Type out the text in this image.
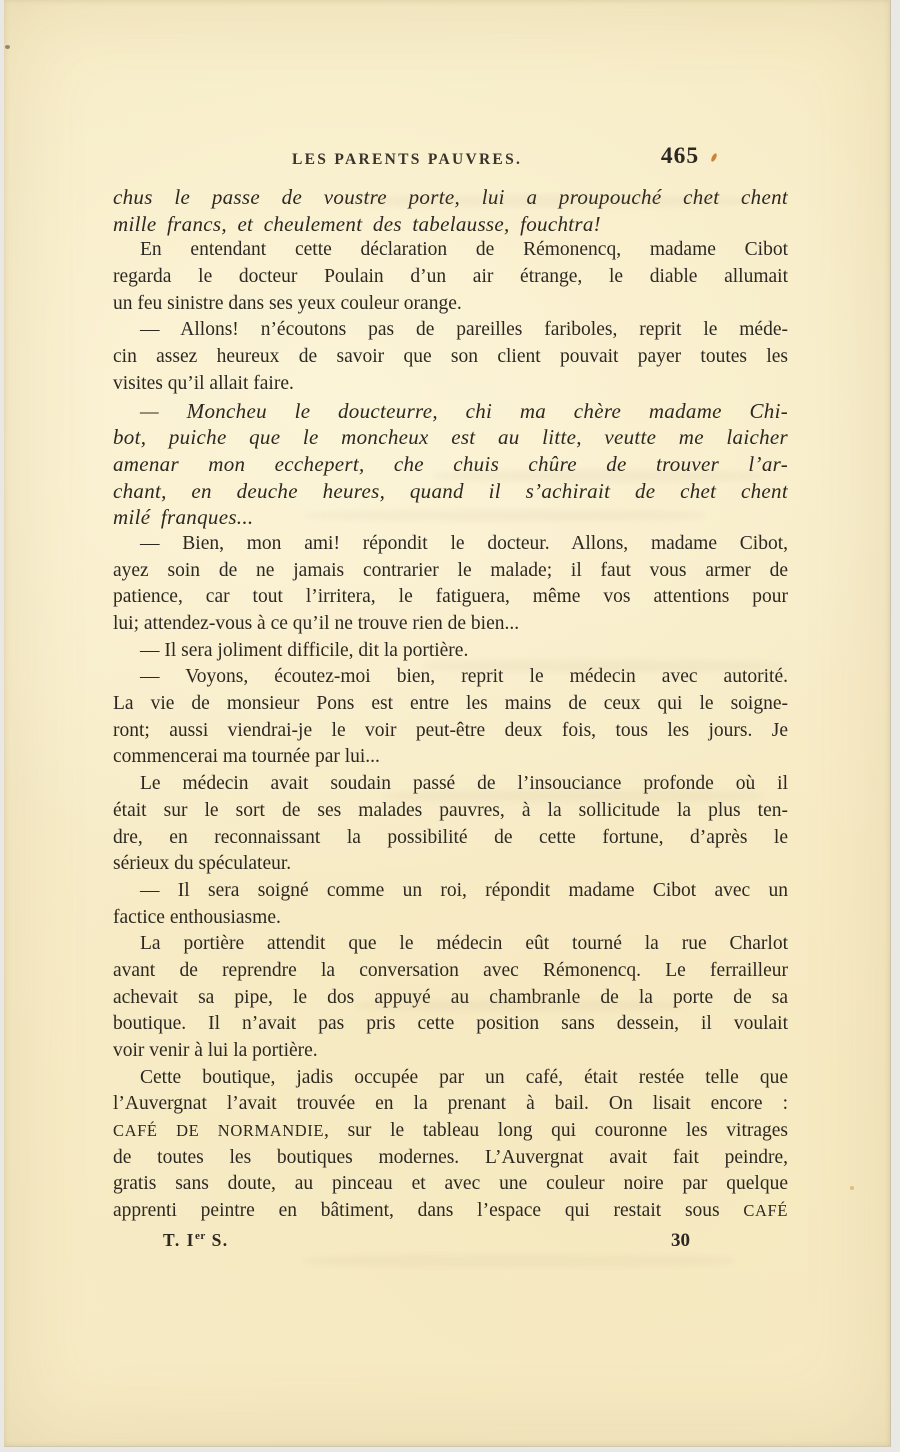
LES PARENTS PAUVRES.	465
chus le passe de voustre porte, lui a proupouché chet chent
mille francs, et cheulement des tabelausse, fouchtra!
En entendant cette déclaration de Rémonencq, madame Cibot
regarda le docteur Poulain d’un air étrange, le diable allumait
un feu sinistre dans ses yeux couleur orange.
— Allons! n’écoutons pas de pareilles fariboles, reprit le méde-
cin assez heureux de savoir que son client pouvait payer toutes les
visites qu’il allait faire.
— Moncheu le doucteurre, chi ma chère madame Chi-
bot, puiche que le moncheux est au litte, veutte me laicher
amenar mon ecchepert, che chuis chûre de trouver l’ar-
chant, en deuche heures, quand il s’achirait de chet chent
milé franques...
— Bien, mon ami! répondit le docteur. Allons, madame Cibot,
ayez soin de ne jamais contrarier le malade; il faut vous armer de
patience, car tout l’irritera, le fatiguera, même vos attentions pour
lui; attendez-vous à ce qu’il ne trouve rien de bien...
— Il sera joliment difficile, dit la portière.
— Voyons, écoutez-moi bien, reprit le médecin avec autorité.
La vie de monsieur Pons est entre les mains de ceux qui le soigne-
ront; aussi viendrai-je le voir peut-être deux fois, tous les jours. Je
commencerai ma tournée par lui...
Le médecin avait soudain passé de l’insouciance profonde où il
était sur le sort de ses malades pauvres, à la sollicitude la plus ten-
dre, en reconnaissant la possibilité de cette fortune, d’après le
sérieux du spéculateur.
— Il sera soigné comme un roi, répondit madame Cibot avec un
factice enthousiasme.
La portière attendit que le médecin eût tourné la rue Charlot
avant de reprendre la conversation avec Rémonencq. Le ferrailleur
achevait sa pipe, le dos appuyé au chambranle de la porte de sa
boutique. Il n’avait pas pris cette position sans dessein, il voulait
voir venir à lui la portière.
Cette boutique, jadis occupée par un café, était restée telle que
l’Auvergnat l’avait trouvée en la prenant à bail. On lisait encore :
CAFÉ DE NORMANDIE, sur le tableau long qui couronne les vitrages
de toutes les boutiques modernes. L’Auvergnat avait fait peindre,
gratis sans doute, au pinceau et avec une couleur noire par quelque
apprenti peintre en bâtiment, dans l’espace qui restait sous CAFÉ
T. Ier S.	30
